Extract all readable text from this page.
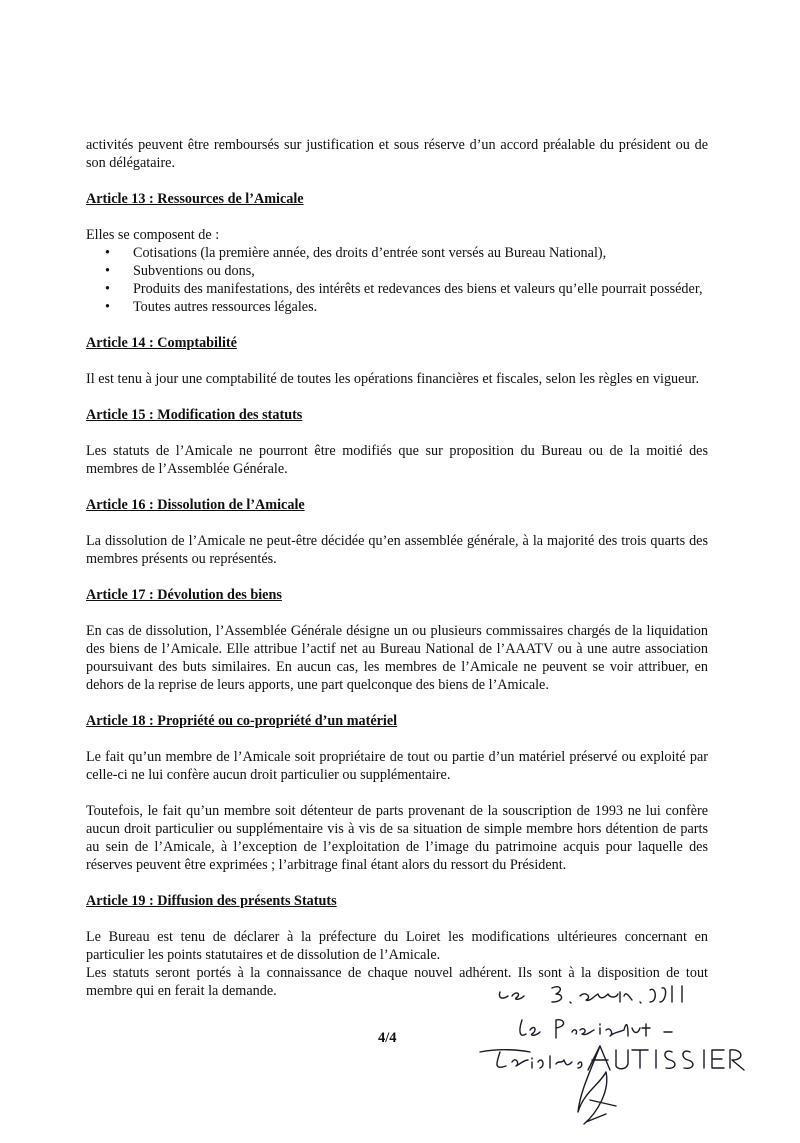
activités peuvent être remboursés sur justification et sous réserve d’un accord préalable du président ou de son délégataire.

Article 13 : Ressources de l’Amicale

Elles se composent de :

• Cotisations (la première année, des droits d’entrée sont versés au Bureau National),
• Subventions ou dons,
• Produits des manifestations, des intérêts et redevances des biens et valeurs qu’elle pourrait posséder,
• Toutes autres ressources légales.

Article 14 : Comptabilité

Il est tenu à jour une comptabilité de toutes les opérations financières et fiscales, selon les règles en vigueur.

Article 15 : Modification des statuts

Les statuts de l’Amicale ne pourront être modifiés que sur proposition du Bureau ou de la moitié des membres de l’Assemblée Générale.

Article 16 : Dissolution de l’Amicale

La dissolution de l’Amicale ne peut-être décidée qu’en assemblée générale, à la majorité des trois quarts des membres présents ou représentés.

Article 17 : Dévolution des biens

En cas de dissolution, l’Assemblée Générale désigne un ou plusieurs commissaires chargés de la liquidation des biens de l’Amicale. Elle attribue l’actif net au Bureau National de l’AAATV ou à une autre association poursuivant des buts similaires. En aucun cas, les membres de l’Amicale ne peuvent se voir attribuer, en dehors de la reprise de leurs apports, une part quelconque des biens de l’Amicale.

Article 18 : Propriété ou co-propriété d’un matériel

Le fait qu’un membre de l’Amicale soit propriétaire de tout ou partie d’un matériel préservé ou exploité par celle-ci ne lui confère aucun droit particulier ou supplémentaire.

Toutefois, le fait qu’un membre soit détenteur de parts provenant de la souscription de 1993 ne lui confère aucun droit particulier ou supplémentaire vis à vis de sa situation de simple membre hors détention de parts au sein de l’Amicale, à l’exception de l’exploitation de l’image du patrimoine acquis pour laquelle des réserves peuvent être exprimées ; l’arbitrage final étant alors du ressort du Président.

Article 19 : Diffusion des présents Statuts

Le Bureau est tenu de déclarer à la préfecture du Loiret les modifications ultérieures concernant en particulier les points statutaires et de dissolution de l’Amicale.

Les statuts seront portés à la connaissance de chaque nouvel adhérent. Ils sont à la disposition de tout membre qui en ferait la demande.

4/4
